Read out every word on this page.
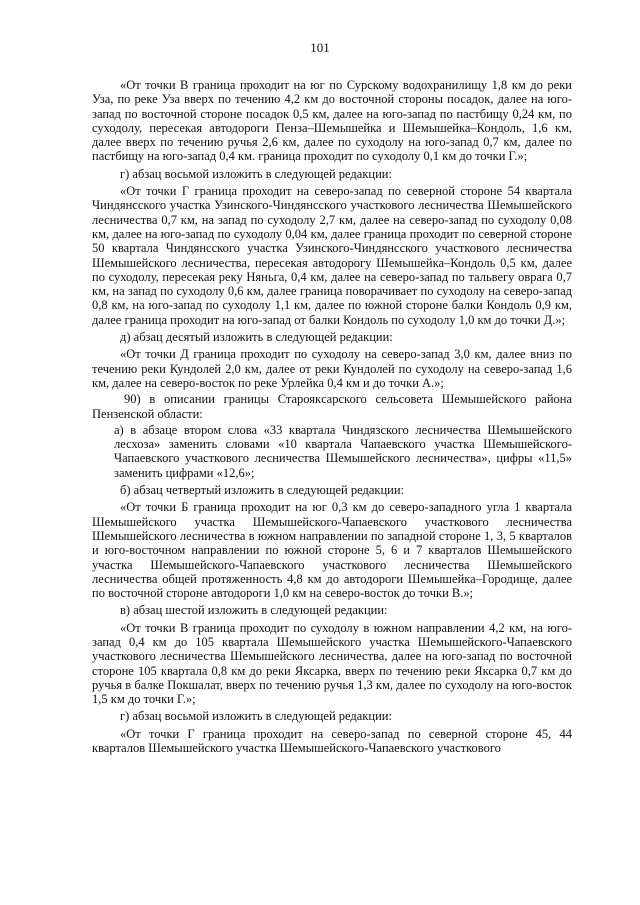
101

«От точки В граница проходит на юг по Сурскому водохранилищу 1,8 км до реки Уза, по реке Уза вверх по течению 4,2 км до восточной стороны посадок, далее на юго-запад по восточной стороне посадок 0,5 км, далее на юго-запад по пастбищу 0,24 км, по суходолу, пересекая автодороги Пенза–Шемышейка и Шемышейка–Кондоль, 1,6 км, далее вверх по течению ручья 2,6 км, далее по суходолу на юго-запад 0,7 км, далее по пастбищу на юго-запад 0,4 км. граница проходит по суходолу 0,1 км до точки Г.»;

г) абзац восьмой изложить в следующей редакции:

«От точки Г граница проходит на северо-запад по северной стороне 54 квартала Чиндянсского участка Узинского-Чиндянсского участкового лесничества Шемышейского лесничества 0,7 км, на запад по суходолу 2,7 км, далее на северо-запад по суходолу 0,08 км, далее на юго-запад по суходолу 0,04 км, далее граница проходит по северной стороне 50 квартала Чиндянсского участка Узинского-Чиндянсского участкового лесничества Шемышейского лесничества, пересекая автодорогу Шемышейка–Кондоль 0,5 км, далее по суходолу, пересекая реку Няньга, 0,4 км, далее на северо-запад по тальвегу оврага 0,7 км, на запад по суходолу 0,6 км, далее граница поворачивает по суходолу на северо-запад 0,8 км, на юго-запад по суходолу 1,1 км, далее по южной стороне балки Кондоль 0,9 км, далее граница проходит на юго-запад от балки Кондоль по суходолу 1,0 км до точки Д.»;

д) абзац десятый изложить в следующей редакции:

«От точки Д граница проходит по суходолу на северо-запад 3,0 км, далее вниз по течению реки Кундолей 2,0 км, далее от реки Кундолей по суходолу на северо-запад 1,6 км, далее на северо-восток по реке Урлейка 0,4 км и до точки А.»;

90) в описании границы Староякcарского сельсовета Шемышейского района Пензенской области:

а) в абзаце втором слова «33 квартала Чиндязского лесничества Шемышейского лесхоза» заменить словами «10 квартала Чапаевского участка Шемышейского-Чапаевского участкового лесничества Шемышейского лесничества», цифры «11,5» заменить цифрами «12,6»;

б) абзац четвертый изложить в следующей редакции:

«От точки Б граница проходит на юг 0,3 км до северо-западного угла 1 квартала Шемышейского участка Шемышейского-Чапаевского участкового лесничества Шемышейского лесничества в южном направлении по западной стороне 1, 3, 5 кварталов и юго-восточном направлении по южной стороне 5, 6 и 7 кварталов Шемышейского участка Шемышейского-Чапаевского участкового лесничества Шемышейского лесничества общей протяженность 4,8 км до автодороги Шемышейка–Городище, далее по восточной стороне автодороги 1,0 км на северо-восток до точки В.»;

в) абзац шестой изложить в следующей редакции:

«От точки В граница проходит по суходолу в южном направлении 4,2 км, на юго-запад 0,4 км до 105 квартала Шемышейского участка Шемышейского-Чапаевского участкового лесничества Шемышейского лесничества, далее на юго-запад по восточной стороне 105 квартала 0,8 км до реки Яксарка, вверх по течению реки Яксарка 0,7 км до ручья в балке Покшалат, вверх по течению ручья 1,3 км, далее по суходолу на юго-восток 1,5 км до точки Г.»;

г) абзац восьмой изложить в следующей редакции:

«От точки Г граница проходит на северо-запад по северной стороне 45, 44 кварталов Шемышейского участка Шемышейского-Чапаевского участкового
